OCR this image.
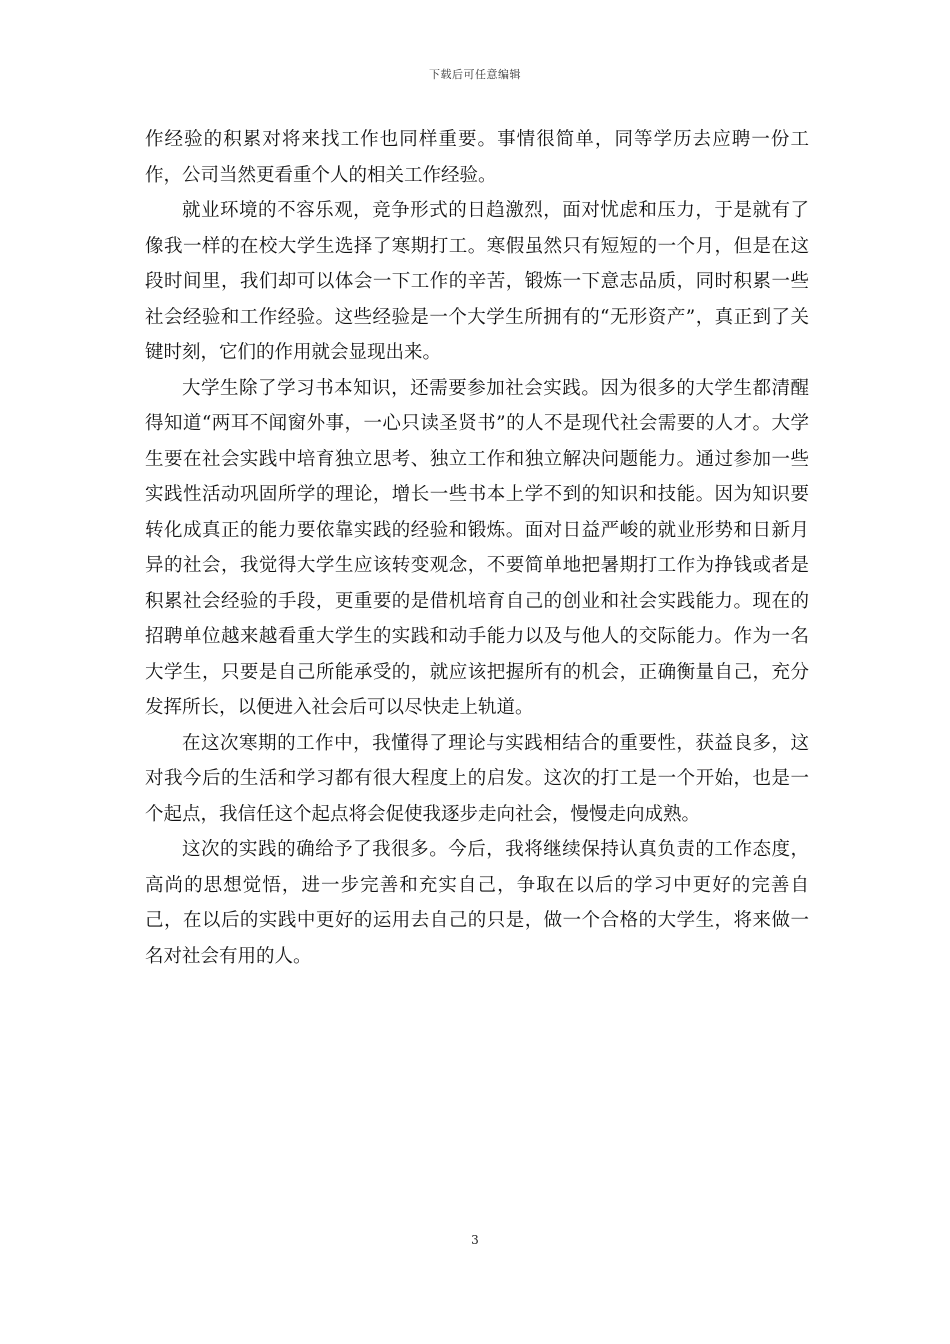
下载后可任意编辑

作经验的积累对将来找工作也同样重要。事情很简单，同等学历去应聘一份工作，公司当然更看重个人的相关工作经验。

就业环境的不容乐观，竞争形式的日趋激烈，面对忧虑和压力，于是就有了像我一样的在校大学生选择了寒期打工。寒假虽然只有短短的一个月，但是在这段时间里，我们却可以体会一下工作的辛苦，锻炼一下意志品质，同时积累一些社会经验和工作经验。这些经验是一个大学生所拥有的“无形资产”，真正到了关键时刻，它们的作用就会显现出来。

大学生除了学习书本知识，还需要参加社会实践。因为很多的大学生都清醒得知道“两耳不闻窗外事，一心只读圣贤书”的人不是现代社会需要的人才。大学生要在社会实践中培育独立思考、独立工作和独立解决问题能力。通过参加一些实践性活动巩固所学的理论，增长一些书本上学不到的知识和技能。因为知识要转化成真正的能力要依靠实践的经验和锻炼。面对日益严峻的就业形势和日新月异的社会，我觉得大学生应该转变观念，不要简单地把暑期打工作为挣钱或者是积累社会经验的手段，更重要的是借机培育自己的创业和社会实践能力。现在的招聘单位越来越看重大学生的实践和动手能力以及与他人的交际能力。作为一名大学生，只要是自己所能承受的，就应该把握所有的机会，正确衡量自己，充分发挥所长，以便进入社会后可以尽快走上轨道。

在这次寒期的工作中，我懂得了理论与实践相结合的重要性，获益良多，这对我今后的生活和学习都有很大程度上的启发。这次的打工是一个开始，也是一个起点，我信任这个起点将会促使我逐步走向社会，慢慢走向成熟。

这次的实践的确给予了我很多。今后，我将继续保持认真负责的工作态度，高尚的思想觉悟，进一步完善和充实自己，争取在以后的学习中更好的完善自己，在以后的实践中更好的运用去自己的只是，做一个合格的大学生，将来做一名对社会有用的人。

3
